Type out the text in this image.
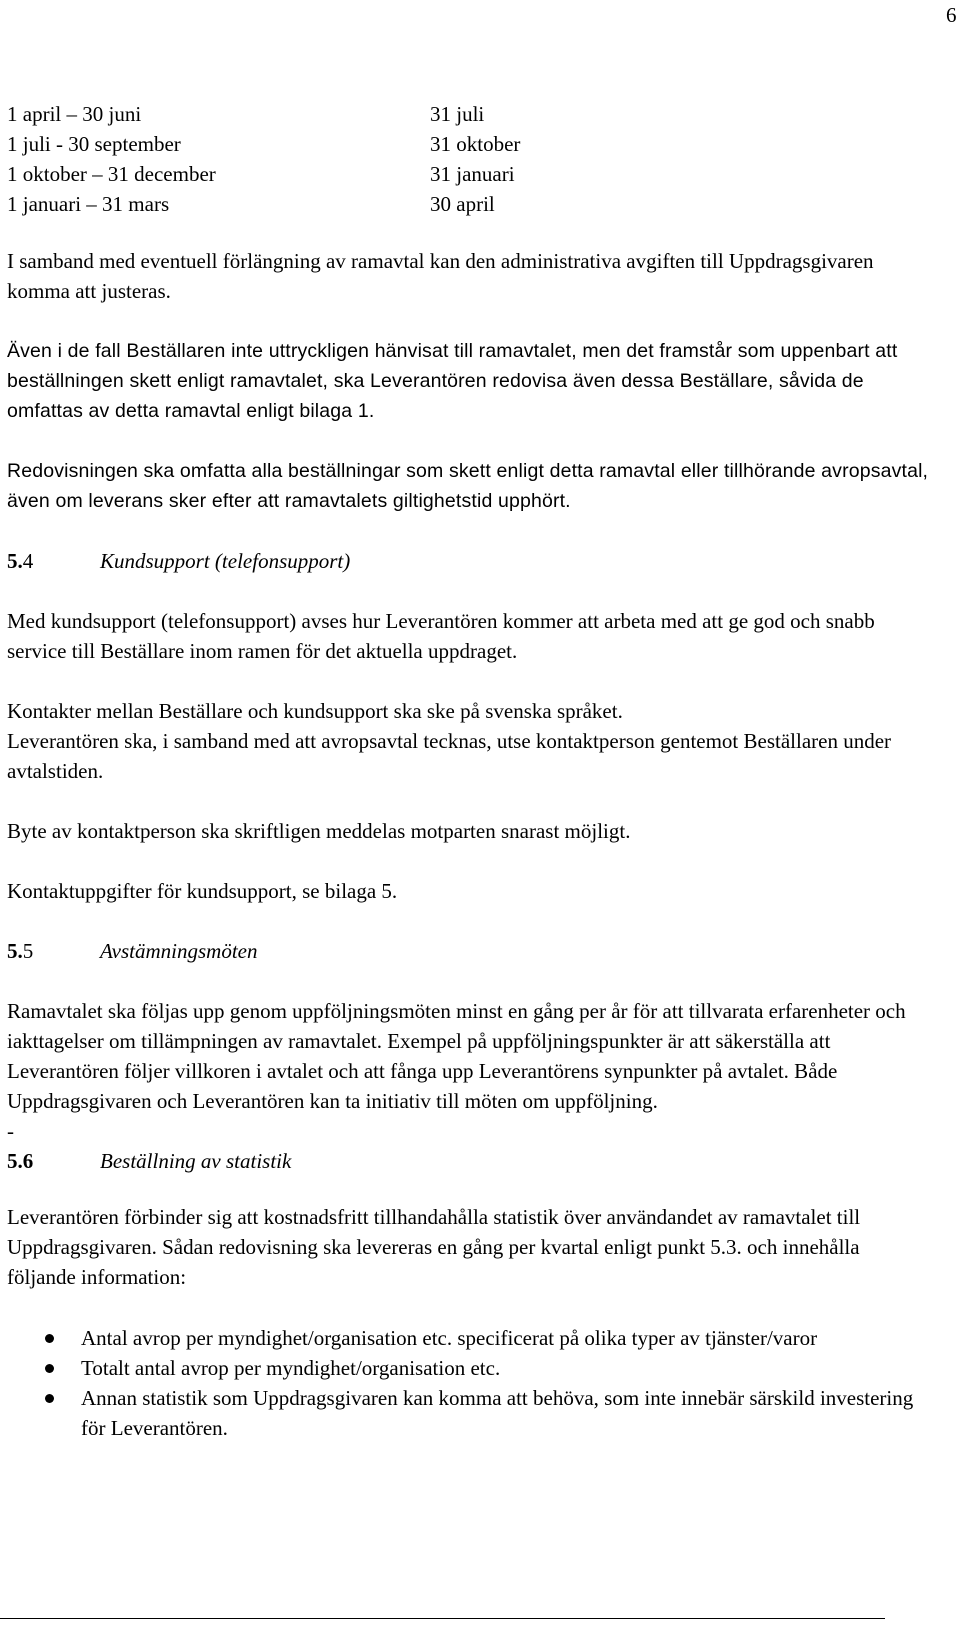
6
1 april – 30 juni	31 juli
1 juli - 30 september	31 oktober
1 oktober – 31 december	31 januari
1 januari – 31 mars	30 april

I samband med eventuell förlängning av ramavtal kan den administrativa avgiften till Uppdragsgivaren komma att justeras.

Även i de fall Beställaren inte uttryckligen hänvisat till ramavtalet, men det framstår som uppenbart att beställningen skett enligt ramavtalet, ska Leverantören redovisa även dessa Beställare, såvida de omfattas av detta ramavtal enligt bilaga 1.

Redovisningen ska omfatta alla beställningar som skett enligt detta ramavtal eller tillhörande avropsavtal, även om leverans sker efter att ramavtalets giltighetstid upphört.

5.4	Kundsupport (telefonsupport)

Med kundsupport (telefonsupport) avses hur Leverantören kommer att arbeta med att ge god och snabb service till Beställare inom ramen för det aktuella uppdraget.

Kontakter mellan Beställare och kundsupport ska ske på svenska språket.

Leverantören ska, i samband med att avropsavtal tecknas, utse kontaktperson gentemot Beställaren under avtalstiden.

Byte av kontaktperson ska skriftligen meddelas motparten snarast möjligt.

Kontaktuppgifter för kundsupport, se bilaga 5.

5.5	Avstämningsmöten

Ramavtalet ska följas upp genom uppföljningsmöten minst en gång per år för att tillvarata erfarenheter och iakttagelser om tillämpningen av ramavtalet. Exempel på uppföljningspunkter är att säkerställa att Leverantören följer villkoren i avtalet och att fånga upp Leverantörens synpunkter på avtalet. Både Uppdragsgivaren och Leverantören kan ta initiativ till möten om uppföljning.

-
5.6	Beställning av statistik

Leverantören förbinder sig att kostnadsfritt tillhandahålla statistik över användandet av ramavtalet till Uppdragsgivaren. Sådan redovisning ska levereras en gång per kvartal enligt punkt 5.3. och innehålla följande information:

Antal avrop per myndighet/organisation etc. specificerat på olika typer av tjänster/varor
Totalt antal avrop per myndighet/organisation etc.
Annan statistik som Uppdragsgivaren kan komma att behöva, som inte innebär särskild investering för Leverantören.
